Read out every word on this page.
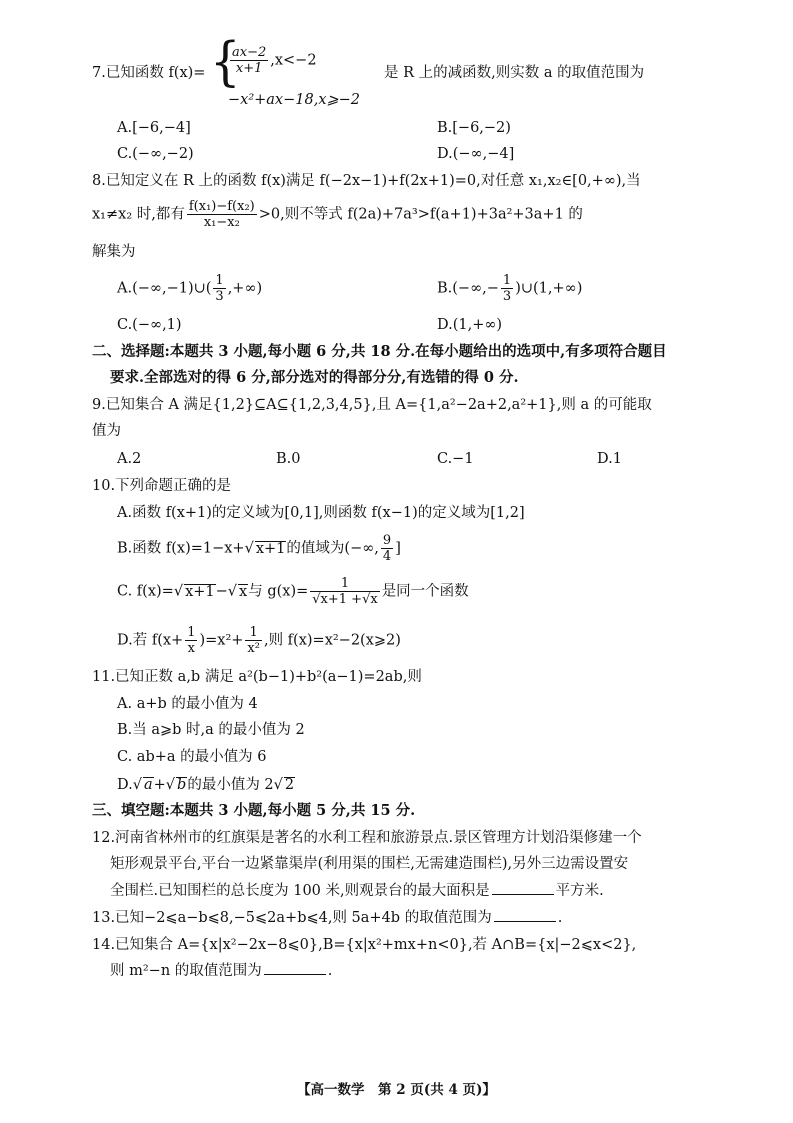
7.已知函数 f(x)= {
$\frac{ax-2}{x+1} ,x<-2$
−x²+ax−18,x⩾−2
是 R 上的减函数,则实数 a 的取值范围为
A.[−6,−4]	B.[−6,−2)
C.(−∞,−2)	D.(−∞,−4]
8.已知定义在 R 上的函数 f(x)满足 f(−2x−1)+f(2x+1)=0,对任意 x₁,x₂∈[0,+∞),当
x₁≠x₂ 时,都有 $\frac{\text{f(x₁)−f(x₂)}}{\text{x₁−x₂}} >0$,则不等式 f(2a)+7a³>f(a+1)+3a²+3a+1 的
解集为
A.(−∞,−1)∪( $\frac{1}{3}$ ,+∞)	$B.(-\infty,- \frac{1}{3}$ )∪(1,+∞)
C.(−∞,1)	D.(1,+∞)
二、选择题:本题共 3 小题,每小题 6 分,共 18 分.在每小题给出的选项中,有多项符合题目
要求.全部选对的得 6 分,部分选对的得部分分,有选错的得 0 分.
9.已知集合 A 满足{1,2}⊆A⊆{1,2,3,4,5},且 A={1,a²−2a+2,a²+1},则 a 的可能取
值为
A.2	B.0	C.−1	D.1
10.下列命题正确的是
A.函数 f(x+1)的定义域为[0,1],则函数 f(x−1)的定义域为[1,2]
B.函数 f(x)=1−x+√ x+1的值域为(−∞, $\frac{9}{4}$ ]
C. f(x)=√ x+1−√ x与 $g(x)= \frac{1}{√x+1 +√x}$ 是同一个函数
D.若 $f(x+ \frac{1}{x} )=x^2+ \frac{1}{\text{x²}}$ ,则 f(x)=x²−2(x⩾2)
11.已知正数 a,b 满足 a²(b−1)+b²(a−1)=2ab,则
A. a+b 的最小值为 4
B.当 a⩾b 时,a 的最小值为 2
C. ab+a 的最小值为 6
D.√ a+√ b的最小值为 2√ 2
三、填空题:本题共 3 小题,每小题 5 分,共 15 分.
12.河南省林州市的红旗渠是著名的水利工程和旅游景点.景区管理方计划沿渠修建一个
矩形观景平台,平台一边紧靠渠岸(利用渠的围栏,无需建造围栏),另外三边需设置安
全围栏.已知围栏的总长度为 100 米,则观景台的最大面积是	平方米.
13.已知−2⩽a−b⩽8,−5⩽2a+b⩽4,则 5a+4b 的取值范围为	.
14.已知集合 A={x|x²−2x−8⩽0},B={x|x²+mx+n<0},若 A∩B={x|−2⩽x<2},
则 m²−n 的取值范围为	.
【高一数学　第 2 页(共 4 页)】
